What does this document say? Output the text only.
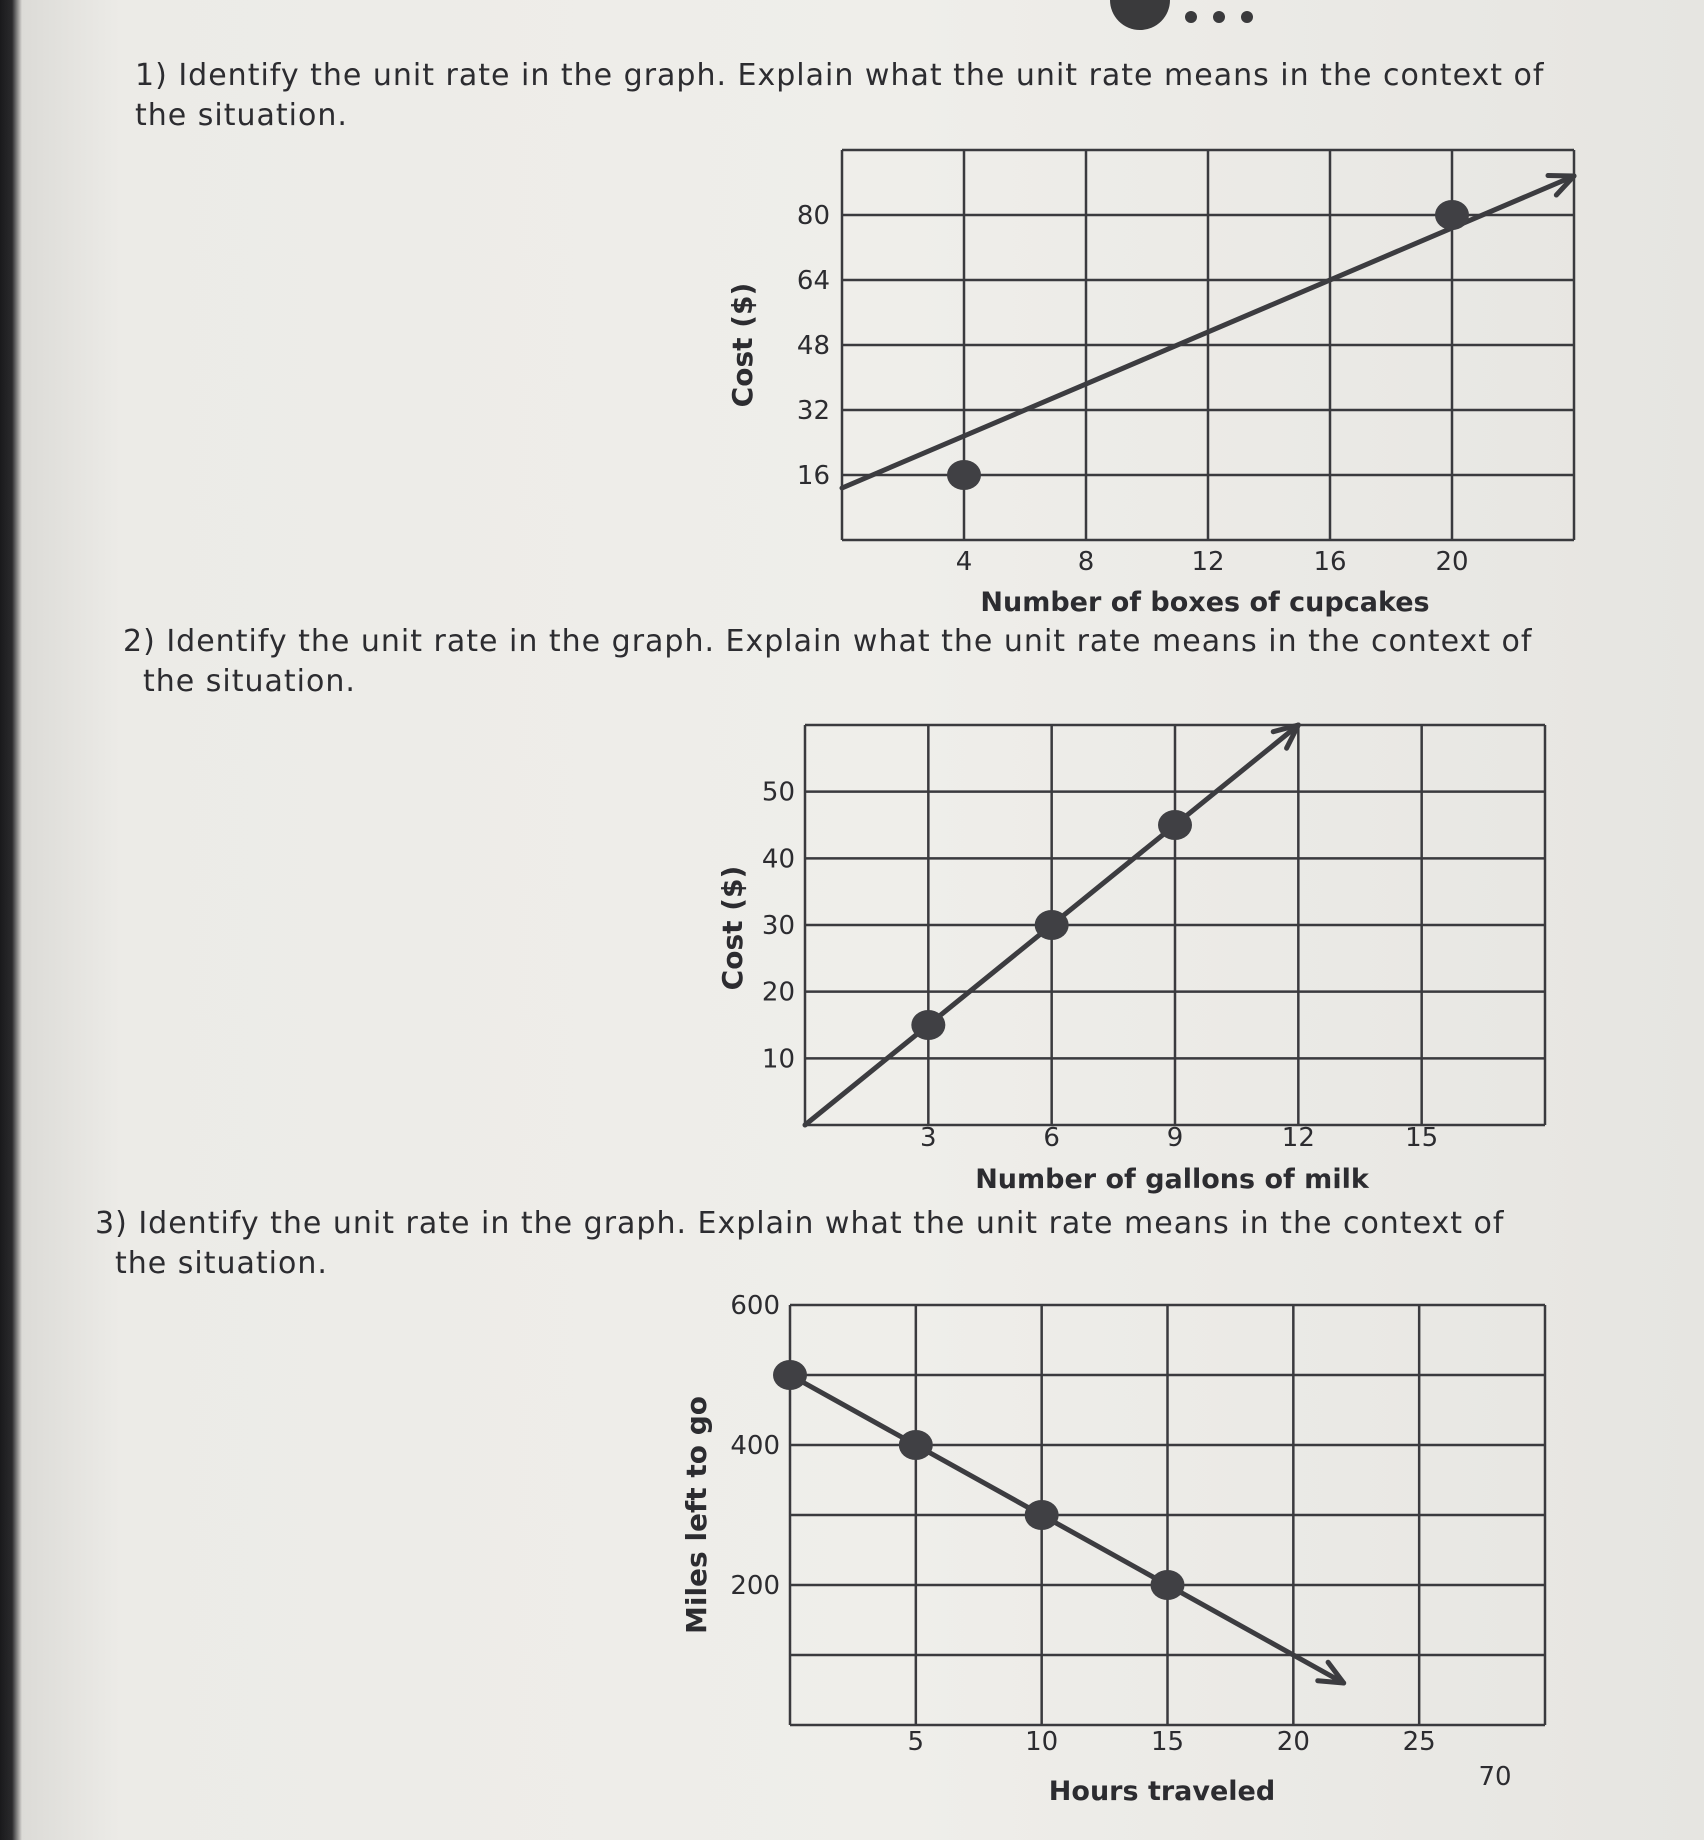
1) Identify the unit rate in the graph. Explain what the unit rate means in the context of
the situation.
2) Identify the unit rate in the graph. Explain what the unit rate means in the context of
the situation.
3) Identify the unit rate in the graph. Explain what the unit rate means in the context of
the situation.
Cost ($)
16
32
48
64
80
4	8	12	16	20
Number of boxes of cupcakes
Cost ($)
10
20
30
40
50
3	6	9	12	15
Number of gallons of milk
Miles left to go 200
400
600
5	10	15	20	25
Hours traveled	70
